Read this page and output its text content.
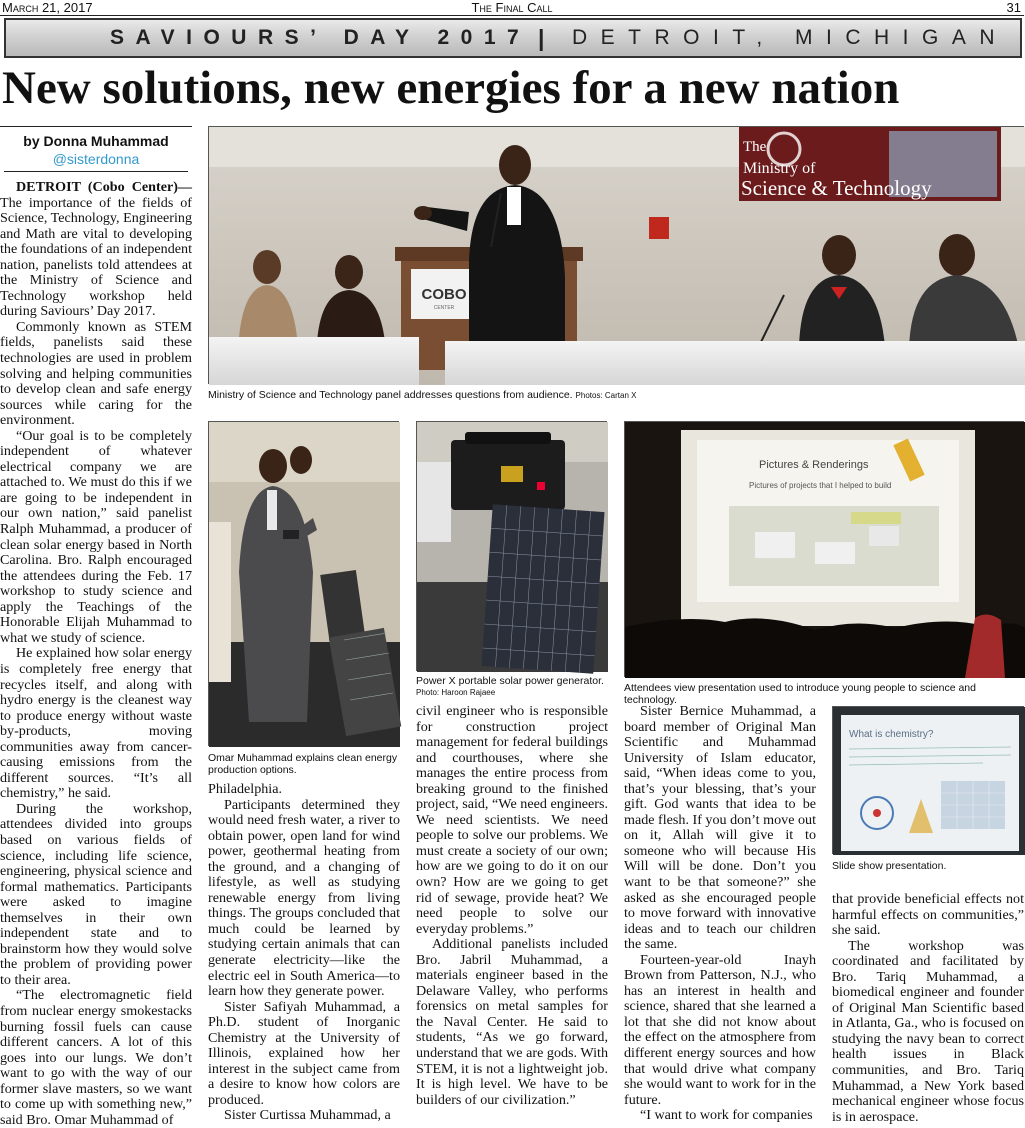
March 21, 2017	The Final Call	31
SAVIOURS’ DAY 2017 | DETROIT, MICHIGAN
New solutions, new energies for a new nation
by Donna Muhammad
@sisterdonna

DETROIT (Cobo Center)—The importance of the fields of Science, Technology, Engineering and Math are vital to developing the foundations of an independent nation, panelists told attendees at the Ministry of Science and Technology workshop held during Saviours’ Day 2017.

Commonly known as STEM fields, panelists said these technologies are used in problem solving and helping communities to develop clean and safe energy sources while caring for the environment.

“Our goal is to be completely independent of whatever electrical company we are attached to. We must do this if we are going to be independent in our own nation,” said panelist Ralph Muhammad, a producer of clean solar energy based in North Carolina. Bro. Ralph encouraged the attendees during the Feb. 17 workshop to study science and apply the Teachings of the Honorable Elijah Muhammad to what we study of science.

He explained how solar energy is completely free energy that recycles itself, and along with hydro energy is the cleanest way to produce energy without waste by-products, moving communities away from cancer-causing emissions from the different sources. “It’s all chemistry,” he said.

During the workshop, attendees divided into groups based on various fields of science, including life science, engineering, physical science and formal mathematics. Participants were asked to imagine themselves in their own independent state and to brainstorm how they would solve the problem of providing power to their area.

“The electromagnetic field from nuclear energy smokestacks burning fossil fuels can cause different cancers. A lot of this goes into our lungs. We don’t want to go with the way of our former slave masters, so we want to come up with something new,” said Bro. Omar Muhammad of

COBO
CENTER
The
Ministry of
Science & Technology
Ministry of Science and Technology panel addresses questions from audience. Photos: Cartan X
Omar Muhammad explains clean energy production options.
Power X portable solar power generator.
Photo: Haroon Rajaee
Pictures & Renderings
Pictures of projects that I helped to build
Attendees view presentation used to introduce young people to science and technology.
What is chemistry?
Slide show presentation.

Philadelphia.

Participants determined they would need fresh water, a river to obtain power, open land for wind power, geothermal heating from the ground, and a changing of lifestyle, as well as studying renewable energy from living things. The groups concluded that much could be learned by studying certain animals that can generate electricity—like the electric eel in South America—to learn how they generate power.

Sister Safiyah Muhammad, a Ph.D. student of Inorganic Chemistry at the University of Illinois, explained how her interest in the subject came from a desire to know how colors are produced.

Sister Curtissa Muhammad, a

civil engineer who is responsible for construction project management for federal buildings and courthouses, where she manages the entire process from breaking ground to the finished project, said, “We need engineers. We need scientists. We need people to solve our problems. We must create a society of our own; how are we going to do it on our own? How are we going to get rid of sewage, provide heat? We need people to solve our everyday problems.”

Additional panelists included Bro. Jabril Muhammad, a materials engineer based in the Delaware Valley, who performs forensics on metal samples for the Naval Center. He said to students, “As we go forward, understand that we are gods. With STEM, it is not a lightweight job. It is high level. We have to be builders of our civilization.”

Sister Bernice Muhammad, a board member of Original Man Scientific and Muhammad University of Islam educator, said, “When ideas come to you, that’s your blessing, that’s your gift. God wants that idea to be made flesh. If you don’t move out on it, Allah will give it to someone who will because His Will will be done. Don’t you want to be that someone?” she asked as she encouraged people to move forward with innovative ideas and to teach our children the same.

Fourteen-year-old Inayh Brown from Patterson, N.J., who has an interest in health and science, shared that she learned a lot that she did not know about the effect on the atmosphere from different energy sources and how that would drive what company she would want to work for in the future.

“I want to work for companies

that provide beneficial effects not harmful effects on communities,” she said.

The workshop was coordinated and facilitated by Bro. Tariq Muhammad, a biomedical engineer and founder of Original Man Scientific based in Atlanta, Ga., who is focused on studying the navy bean to correct health issues in Black communities, and Bro. Tariq Muhammad, a New York based mechanical engineer whose focus is in aerospace.
